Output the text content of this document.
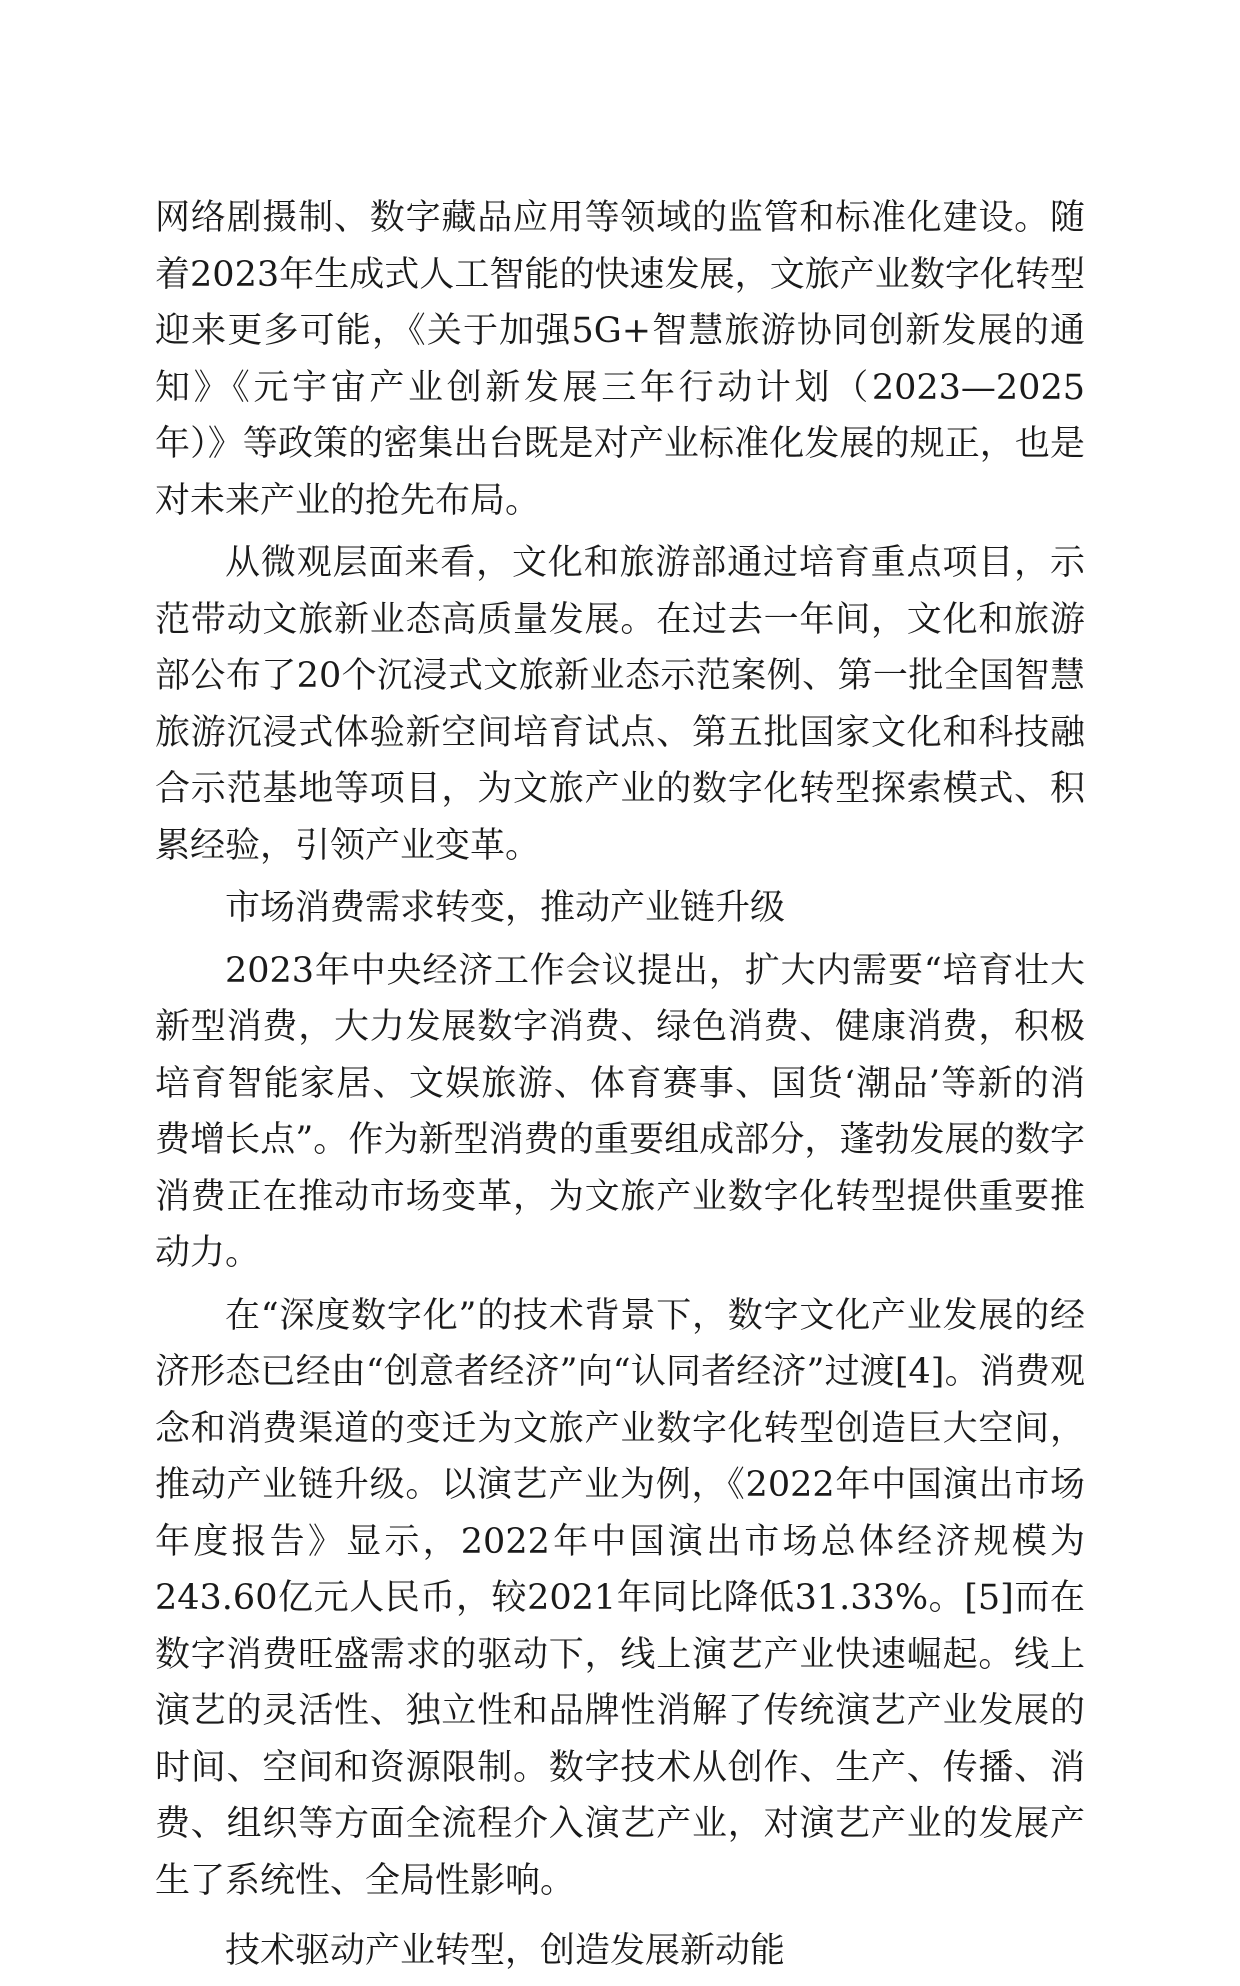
网络剧摄制、数字藏品应用等领域的监管和标准化建设。随着2023年生成式人工智能的快速发展，文旅产业数字化转型迎来更多可能，《关于加强5G+智慧旅游协同创新发展的通知》《元宇宙产业创新发展三年行动计划（2023—2025年）》等政策的密集出台既是对产业标准化发展的规正，也是对未来产业的抢先布局。

从微观层面来看，文化和旅游部通过培育重点项目，示范带动文旅新业态高质量发展。在过去一年间，文化和旅游部公布了20个沉浸式文旅新业态示范案例、第一批全国智慧旅游沉浸式体验新空间培育试点、第五批国家文化和科技融合示范基地等项目，为文旅产业的数字化转型探索模式、积累经验，引领产业变革。

市场消费需求转变，推动产业链升级

2023年中央经济工作会议提出，扩大内需要“培育壮大新型消费，大力发展数字消费、绿色消费、健康消费，积极培育智能家居、文娱旅游、体育赛事、国货‘潮品’等新的消费增长点”。作为新型消费的重要组成部分，蓬勃发展的数字消费正在推动市场变革，为文旅产业数字化转型提供重要推动力。

在“深度数字化”的技术背景下，数字文化产业发展的经济形态已经由“创意者经济”向“认同者经济”过渡[4]。消费观念和消费渠道的变迁为文旅产业数字化转型创造巨大空间，推动产业链升级。以演艺产业为例，《2022年中国演出市场年度报告》显示，2022年中国演出市场总体经济规模为243.60亿元人民币，较2021年同比降低31.33%。[5]而在数字消费旺盛需求的驱动下，线上演艺产业快速崛起。线上演艺的灵活性、独立性和品牌性消解了传统演艺产业发展的时间、空间和资源限制。数字技术从创作、生产、传播、消费、组织等方面全流程介入演艺产业，对演艺产业的发展产生了系统性、全局性影响。

技术驱动产业转型，创造发展新动能
